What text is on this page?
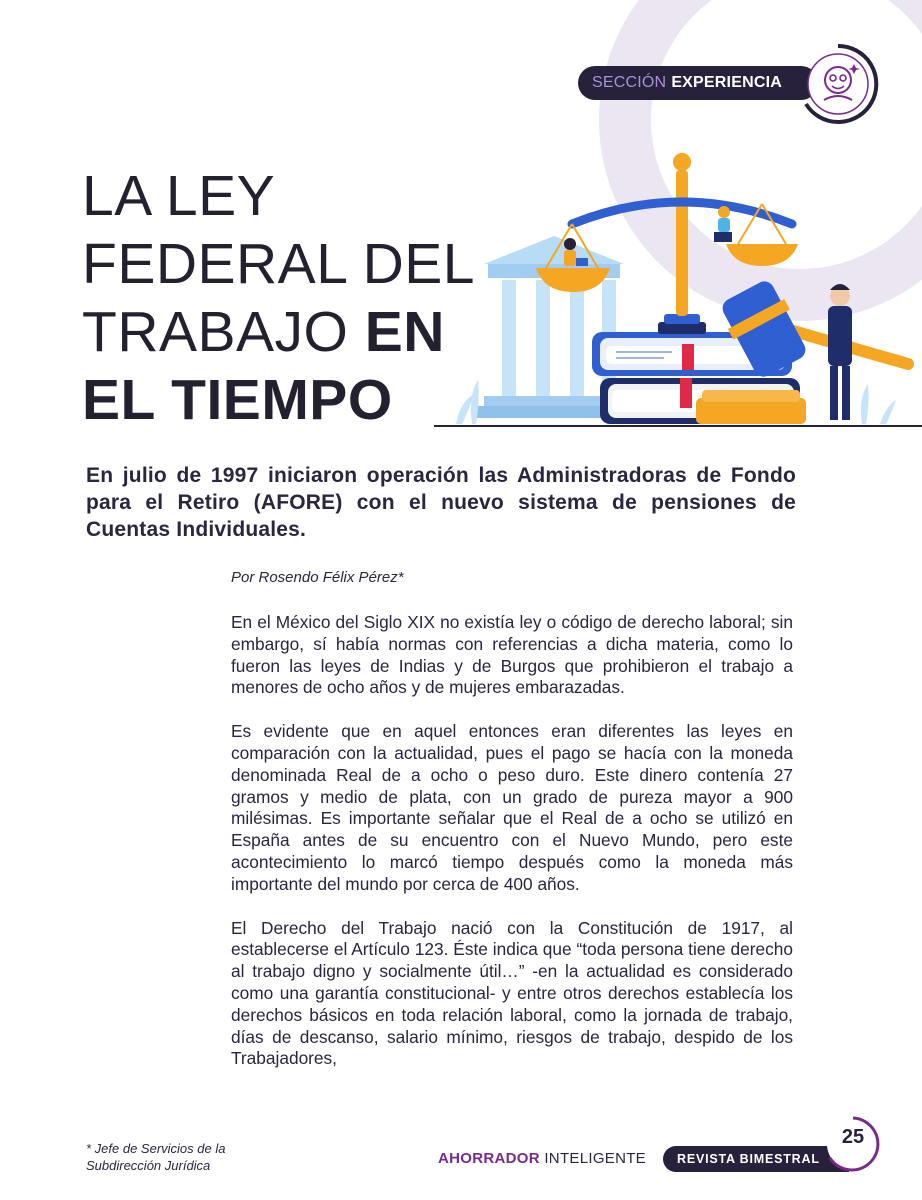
SECCIÓN EXPERIENCIA
LA LEY
FEDERAL DEL
TRABAJO EN
EL TIEMPO

En julio de 1997 iniciaron operación las Administradoras de Fondo para el Retiro (AFORE) con el nuevo sistema de pensiones de Cuentas Individuales.

Por Rosendo Félix Pérez*

En el México del Siglo XIX no existía ley o código de derecho laboral; sin embargo, sí había normas con referencias a dicha materia, como lo fueron las leyes de Indias y de Burgos que prohibieron el trabajo a menores de ocho años y de mujeres embarazadas.

Es evidente que en aquel entonces eran diferentes las leyes en comparación con la actualidad, pues el pago se hacía con la moneda denominada Real de a ocho o peso duro. Este dinero contenía 27 gramos y medio de plata, con un grado de pureza mayor a 900 milésimas. Es importante señalar que el Real de a ocho se utilizó en España antes de su encuentro con el Nuevo Mundo, pero este acontecimiento lo marcó tiempo después como la moneda más importante del mundo por cerca de 400 años.

El Derecho del Trabajo nació con la Constitución de 1917, al establecerse el Artículo 123. Éste indica que “toda persona tiene derecho al trabajo digno y socialmente útil…” -en la actualidad es considerado como una garantía constitucional- y entre otros derechos establecía los derechos básicos en toda relación laboral, como la jornada de trabajo, días de descanso, salario mínimo, riesgos de trabajo, despido de los Trabajadores,

* Jefe de Servicios de la
Subdirección Jurídica	AHORRADOR INTELIGENTE	REVISTA BIMESTRAL
25
